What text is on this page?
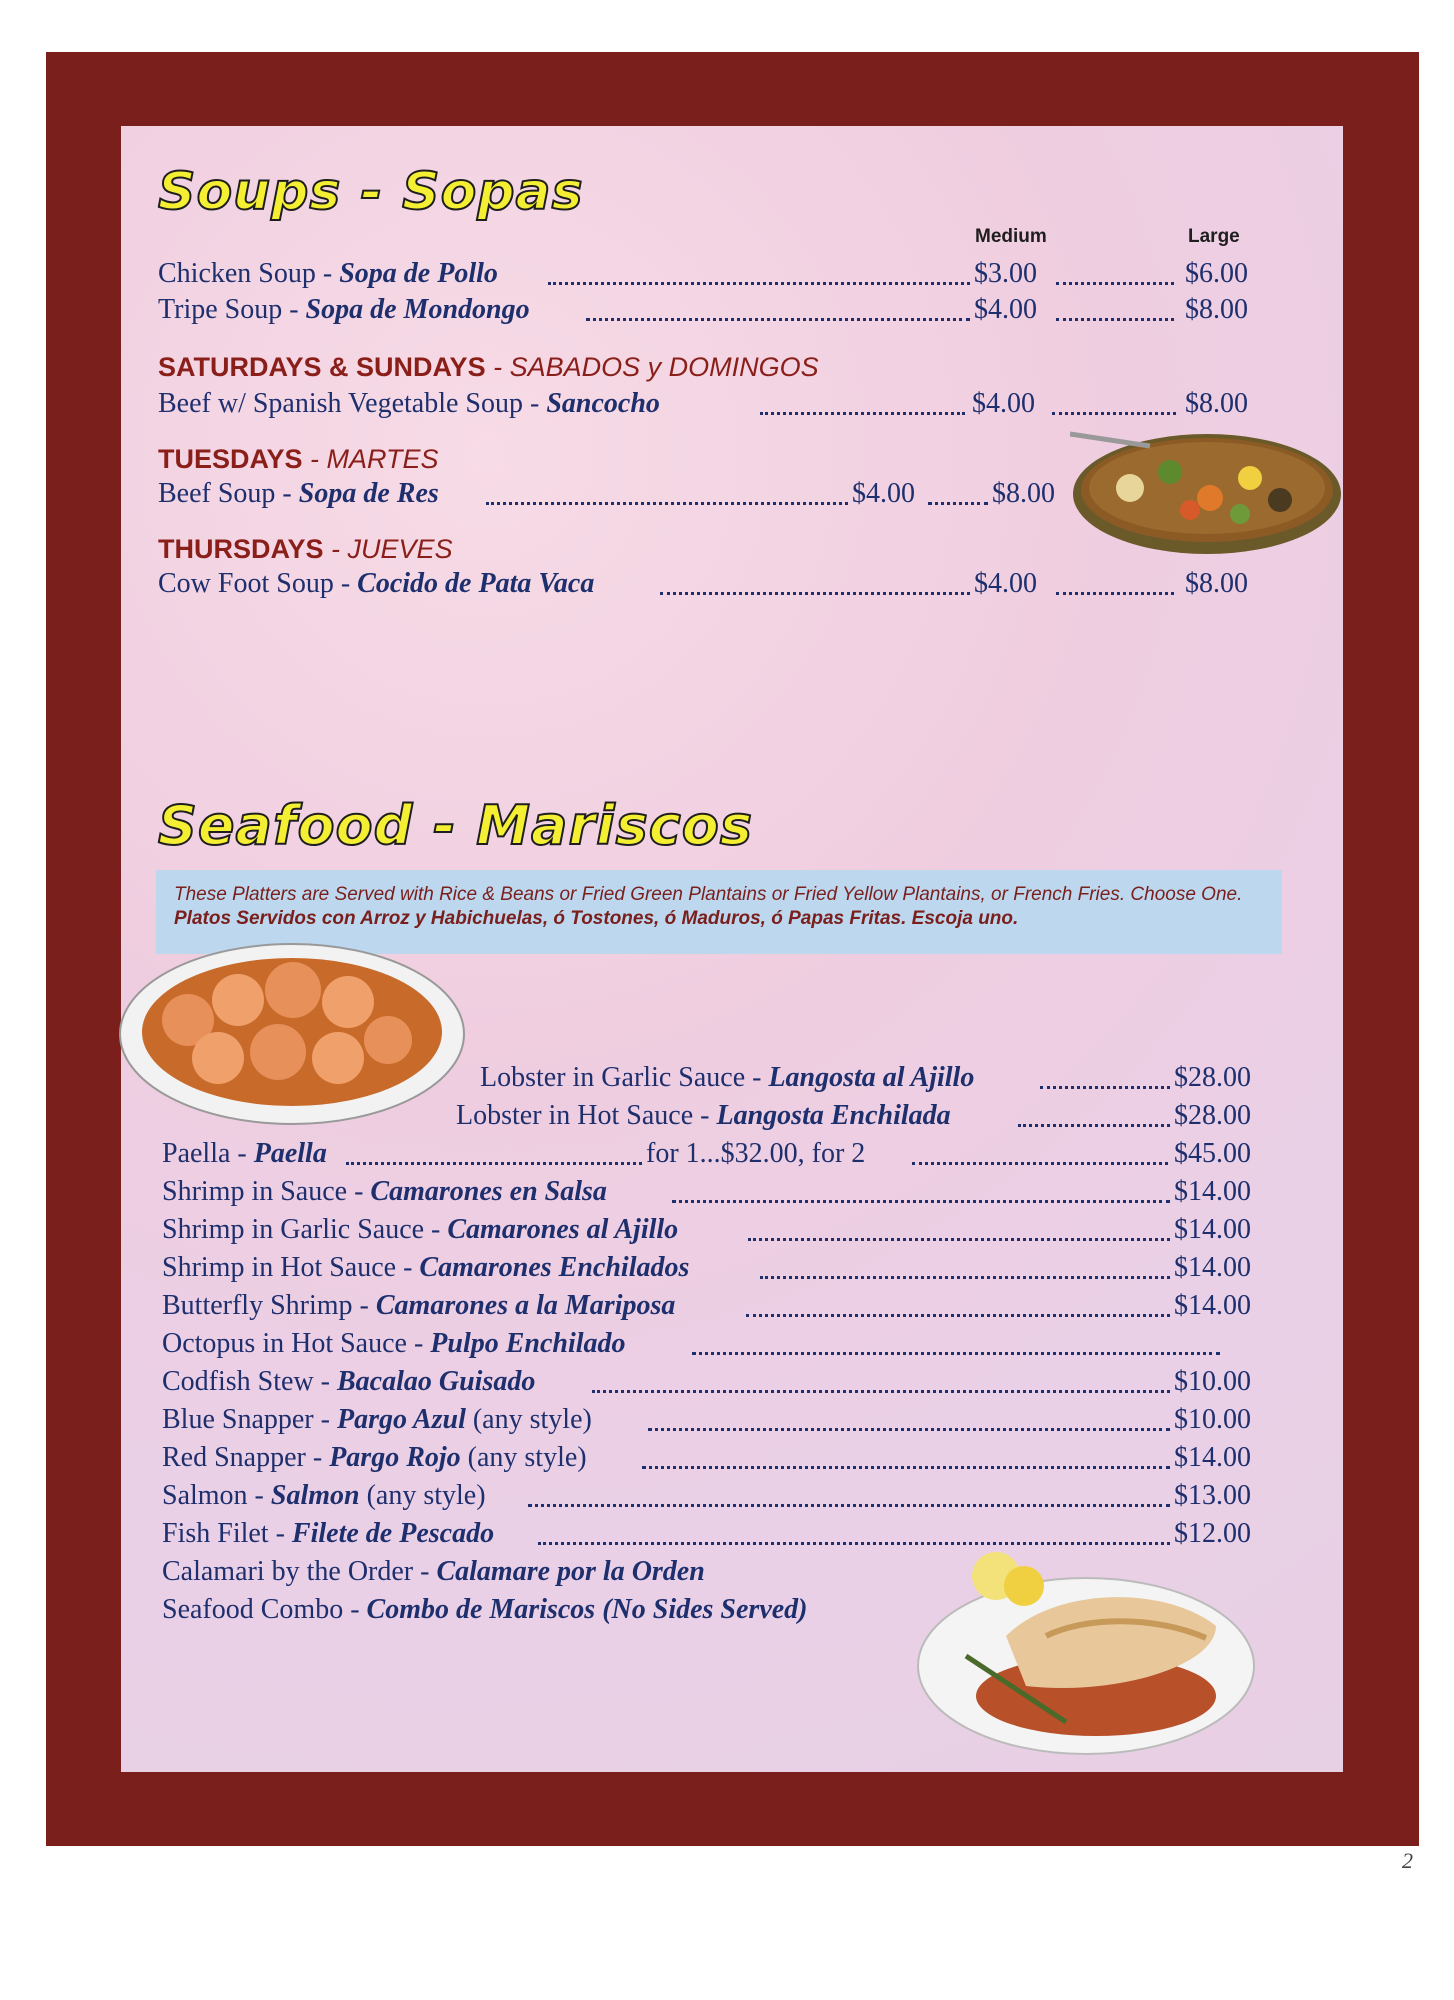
Soups - Sopas
Medium	Large
Chicken Soup - Sopa de Pollo	$3.00	$6.00
Tripe Soup - Sopa de Mondongo	$4.00	$8.00
SATURDAYS & SUNDAYS - SABADOS y DOMINGOS
Beef w/ Spanish Vegetable Soup - Sancocho	$4.00	$8.00
TUESDAYS - MARTES
Beef Soup - Sopa de Res	$4.00	$8.00
THURSDAYS - JUEVES
Cow Foot Soup - Cocido de Pata Vaca	$4.00	$8.00
Seafood - Mariscos
These Platters are Served with Rice & Beans or Fried Green Plantains or Fried Yellow Plantains, or French Fries. Choose One.
Platos Servidos con Arroz y Habichuelas, ó Tostones, ó Maduros, ó Papas Fritas. Escoja uno.
Lobster in Garlic Sauce - Langosta al Ajillo	$28.00
Lobster in Hot Sauce - Langosta Enchilada	$28.00
Paella - Paella	for 1...$32.00, for 2	$45.00
Shrimp in Sauce - Camarones en Salsa	$14.00
Shrimp in Garlic Sauce - Camarones al Ajillo	$14.00
Shrimp in Hot Sauce - Camarones Enchilados	$14.00
Butterfly Shrimp - Camarones a la Mariposa	$14.00
Octopus in Hot Sauce - Pulpo Enchilado
Codfish Stew - Bacalao Guisado	$10.00
Blue Snapper - Pargo Azul (any style)	$10.00
Red Snapper - Pargo Rojo (any style)	$14.00
Salmon - Salmon (any style)	$13.00
Fish Filet - Filete de Pescado	$12.00
Calamari by the Order - Calamare por la Orden
Seafood Combo - Combo de Mariscos (No Sides Served)
2
